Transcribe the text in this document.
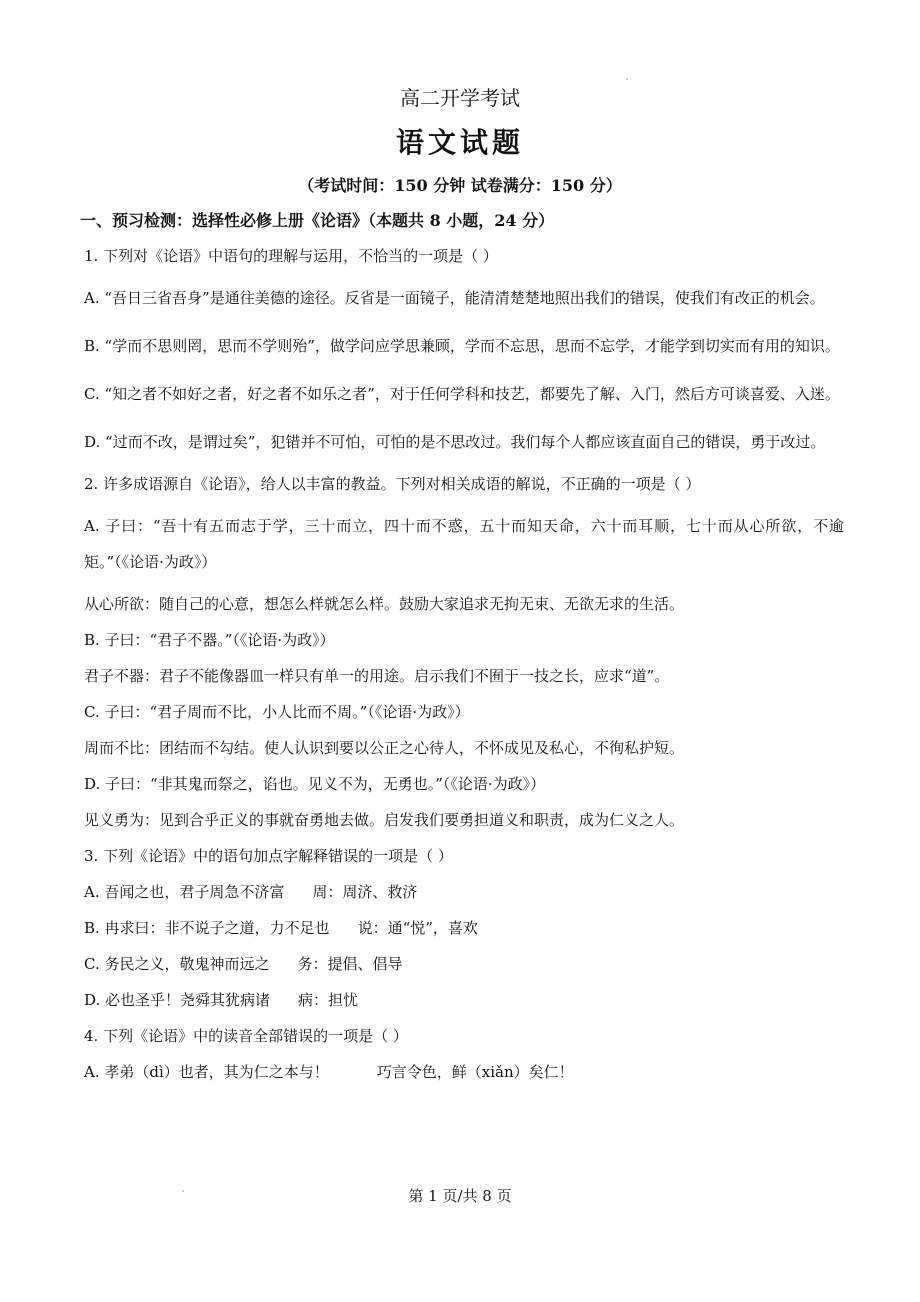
高二开学考试
语文试题
（考试时间：150 分钟 试卷满分：150 分）
一、预习检测：选择性必修上册《论语》（本题共 8 小题，24 分）
1. 下列对《论语》中语句的理解与运用，不恰当的一项是（ ）
A. “吾日三省吾身”是通往美德的途径。反省是一面镜子，能清清楚楚地照出我们的错误，使我们有改正的机会。
B. “学而不思则罔，思而不学则殆”，做学问应学思兼顾，学而不忘思，思而不忘学，才能学到切实而有用的知识。
C. “知之者不如好之者，好之者不如乐之者”，对于任何学科和技艺，都要先了解、入门，然后方可谈喜爱、入迷。
D. “过而不改，是谓过矣”，犯错并不可怕，可怕的是不思改过。我们每个人都应该直面自己的错误，勇于改过。
2. 许多成语源自《论语》，给人以丰富的教益。下列对相关成语的解说，不正确的一项是（ ）
A. 子曰：“吾十有五而志于学，三十而立，四十而不惑，五十而知天命，六十而耳顺，七十而从心所欲，不逾矩。”（《论语·为政》）
从心所欲：随自己的心意，想怎么样就怎么样。鼓励大家追求无拘无束、无欲无求的生活。
B. 子曰：“君子不器。”（《论语·为政》）
君子不器：君子不能像器皿一样只有单一的用途。启示我们不囿于一技之长，应求“道”。
C. 子曰：“君子周而不比，小人比而不周。”（《论语·为政》）
周而不比：团结而不勾结。使人认识到要以公正之心待人，不怀成见及私心，不徇私护短。
D. 子曰：“非其鬼而祭之，谄也。见义不为，无勇也。”（《论语·为政》）
见义勇为：见到合乎正义的事就奋勇地去做。启发我们要勇担道义和职责，成为仁义之人。
3. 下列《论语》中的语句加点字解释错误的一项是（ ）
A. 吾闻之也，君子周急不济富 周：周济、救济
B. 冉求曰：非不说子之道，力不足也 说：通“悦”，喜欢
C. 务民之义，敬鬼神而远之 务：提倡、倡导
D. 必也圣乎！尧舜其犹病诸 病：担忧
4. 下列《论语》中的读音全部错误的一项是（ ）
A. 孝弟（dì）也者，其为仁之本与！	巧言令色，鲜（xiǎn）矣仁！
第 1 页/共 8 页
